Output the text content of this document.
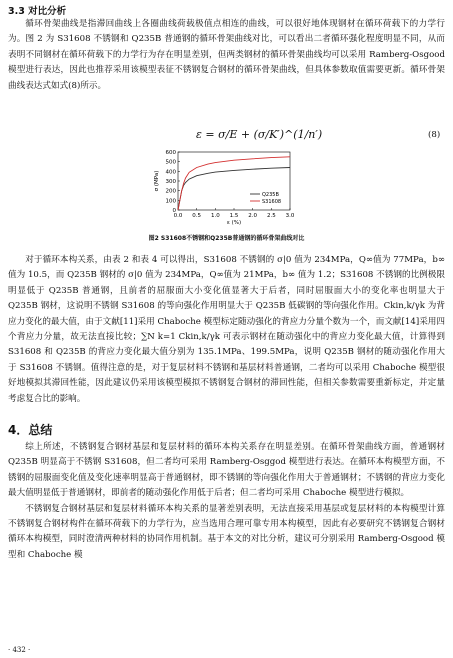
3.3 对比分析

循环骨架曲线是指滞回曲线上各圈曲线荷载极值点相连的曲线，可以很好地体现钢材在循环荷载下的力学行为。图 2 为 S31608 不锈钢和 Q235B 普通钢的循环骨架曲线对比，可以看出二者循环强化程度明显不同，从而表明不同钢材在循环荷载下的力学行为存在明显差别，但两类钢材的循环骨架曲线均可以采用 Ramberg-Osgood 模型进行表达，因此也推荐采用该模型表征不锈钢复合钢材的循环骨架曲线，但具体参数取值需要更新。循环骨架曲线表达式如式(8)所示。

ε = σ/E + (σ/K′)^(1/n′)	(8)
0
100
200
300
400
500
600
0.0 0.5 1.0 1.5 2.0 2.5 3.0
ε (%)
σ (MPa)
Q235B
S31608
图2 S31608不锈钢和Q235B普通钢的循环骨架曲线对比

对于循环本构关系，由表 2 和表 4 可以得出，S31608 不锈钢的 σ|0 值为 234MPa，Q∞值为 77MPa，b∞ 值为 10.5，而 Q235B 钢材的 σ|0 值为 234MPa，Q∞值为 21MPa，b∞ 值为 1.2；S31608 不锈钢的比例极限明显低于 Q235B 普通钢，且前者的屈服面大小变化值显著大于后者，同时屈服面大小的变化率也明显大于 Q235B 钢材，这说明不锈钢 S31608 的等向强化作用明显大于 Q235B 低碳钢的等向强化作用。Ckin,k/γk 为背应力变化的最大值，由于文献[11]采用 Chaboche 模型标定随动强化的背应力分量个数为一个，而文献[14]采用四个背应力分量，故无法直接比较；∑N k=1 Ckin,k/γk 可表示钢材在随动强化中的背应力变化最大值，计算得到 S31608 和 Q235B 的背应力变化最大值分别为 135.1MPa、199.5MPa，说明 Q235B 钢材的随动强化作用大于 S31608 不锈钢。值得注意的是，对于复层材料不锈钢和基层材料普通钢，二者均可以采用 Chaboche 模型很好地模拟其滞回性能，因此建议仍采用该模型模拟不锈钢复合钢材的滞回性能，但相关参数需要重新标定，并定量考虑复合比的影响。

4．总结

综上所述，不锈钢复合钢材基层和复层材料的循环本构关系存在明显差别。在循环骨架曲线方面，普通钢材 Q235B 明显高于不锈钢 S31608，但二者均可采用 Ramberg-Osggod 模型进行表达。在循环本构模型方面，不锈钢的屈服面变化值及变化速率明显高于普通钢材，即不锈钢的等向强化作用大于普通钢材；不锈钢的背应力变化最大值明显低于普通钢材，即前者的随动强化作用低于后者；但二者均可采用 Chaboche 模型进行模拟。

不锈钢复合钢材基层和复层材料循环本构关系的显著差别表明，无法直接采用基层或复层材料的本构模型计算不锈钢复合钢材构件在循环荷载下的力学行为，应当选用合理可靠专用本构模型，因此有必要研究不锈钢复合钢材循环本构模型，同时澄清两种材料的协同作用机制。基于本文的对比分析，建议可分别采用 Ramberg-Osgood 模型和 Chaboche 模

· 432 ·
